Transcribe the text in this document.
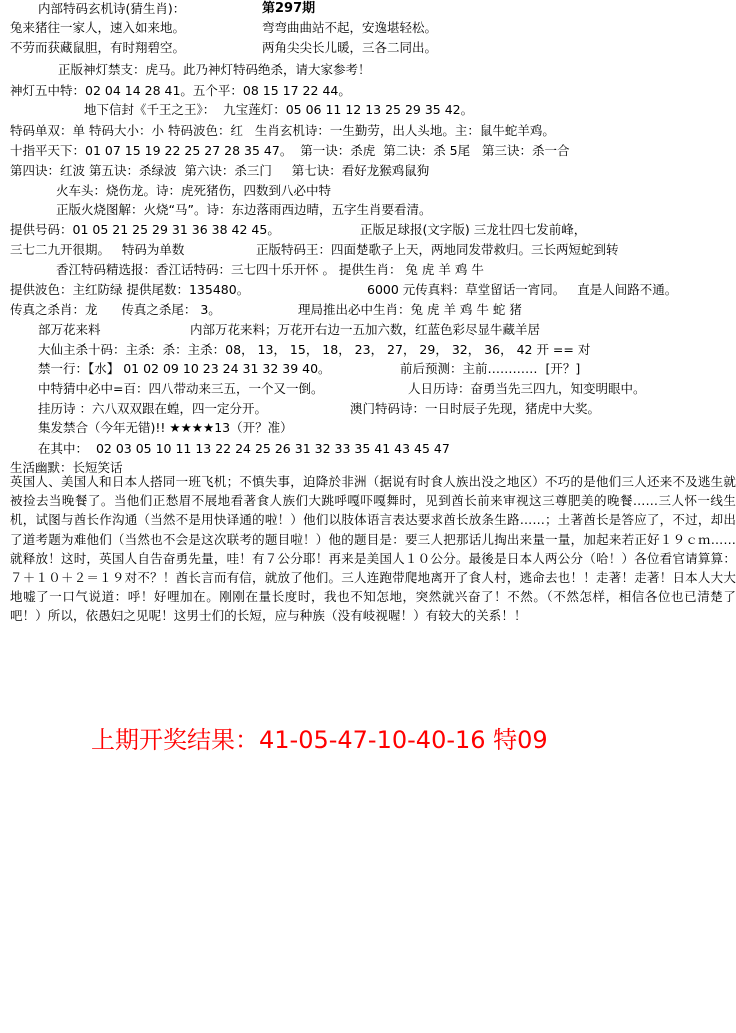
内部特码玄机诗(猜生肖)：	第297期
兔来猪往一家人，速入如来地。	弯弯曲曲站不起，安逸堪轻松。
不劳而获藏鼠胆，有时翔碧空。	两角尖尖长儿暖，三各二同出。
正版神灯禁支：虎马。此乃神灯特码绝杀，请大家参考！
神灯五中特：02 04 14 28 41。五个平：08 15 17 22 44。
地下信封《千王之王》：  九宝莲灯：05 06 11 12 13 25 29 35 42。
特码单双：单 特码大小：小 特码波色：红   生肖玄机诗：一生勤劳，出人头地。主：鼠牛蛇羊鸡。
十指平天下：01 07 15 19 22 25 27 28 35 47。  第一诀：杀虎  第二诀：杀 5尾   第三诀：杀一合
第四诀：红波 第五诀：杀绿波  第六诀：杀三门     第七诀：看好龙猴鸡鼠狗
火车头：烧伤龙。诗：虎死猪伤，四数到八必中特
正版火烧图解：火烧“马”。诗：东边落雨西边晴，五字生肖要看清。
提供号码：01 05 21 25 29 31 36 38 42 45。	正版足球报(文字版) 三龙壮四七发前峰，
三七二九开很期。   特码为单数	正版特码王：四面楚歌子上天，两地同发带救归。三长两短蛇到转
香江特码精选报：香江话特码：三七四十乐开怀 。 提供生肖： 兔 虎 羊 鸡 牛
提供波色：主红防绿 提供尾数：135480。	6000 元传真料：草堂留话一宵同。   直是人间路不通。
传真之杀肖：龙      传真之杀尾： 3。	理局推出必中生肖：兔 虎 羊 鸡 牛 蛇 猪
部万花来料	内部万花来料；万花开右边一五加六数，红蓝色彩尽显牛藏羊居
大仙主杀十码：主杀:  杀：主杀：08， 13， 15， 18， 23， 27， 29， 32， 36， 42 开 == 对
禁一行：【水】 01 02 09 10 23 24 31 32 39 40。	前后预测：主前…………  [开？]
中特猜中必中=百：四八带动来三五，一个又一倒。	人日历诗：奋勇当先三四九，知变明眼中。
挂历诗 ：六八双双跟在蝗，四一定分开。	澳门特码诗：一日时辰子先现，猪虎中大奖。
集发禁合（今年无错)!! ★★★★13（开？准）
在其中：  02 03 05 10 11 13 22 24 25 26 31 32 33 35 41 43 45 47
生活幽默：长短笑话
英国人、美国人和日本人搭同一班飞机；不慎失事，迫降於非洲（据说有时食人族出没之地区）不巧的是他们三人还来不及逃生就被捡去当晚餐了。当他们正愁眉不展地看著食人族们大跳呼嘎吓嘎舞时，见到酋长前来审视这三尊肥美的晚餐……三人怀一线生机，试图与酋长作沟通（当然不是用快译通的啦！）他们以肢体语言表达要求酋长放条生路……；土著酋长是答应了，不过，却出了道考题为难他们（当然也不会是这次联考的题目啦！）他的题目是：要三人把那话儿掏出来量一量，加起来若正好１９ｃｍ……就释放！这时，英国人自告奋勇先量，哇！有７公分耶！再来是美国人１０公分。最後是日本人两公分（哈！）各位看官请算算：７＋１０＋２＝１９对不？！酋长言而有信，就放了他们。三人连跑带爬地离开了食人村，逃命去也！！走著！走著！日本人大大地嘘了一口气说道：呼！好哩加在。刚刚在量长度时，我也不知怎地，突然就兴奋了！不然。（不然怎样，相信各位也已清楚了吧！）所以，依愚妇之见呢！这男士们的长短，应与种族（没有岐视喔！）有较大的关系！！
上期开奖结果：41-05-47-10-40-16 特09
